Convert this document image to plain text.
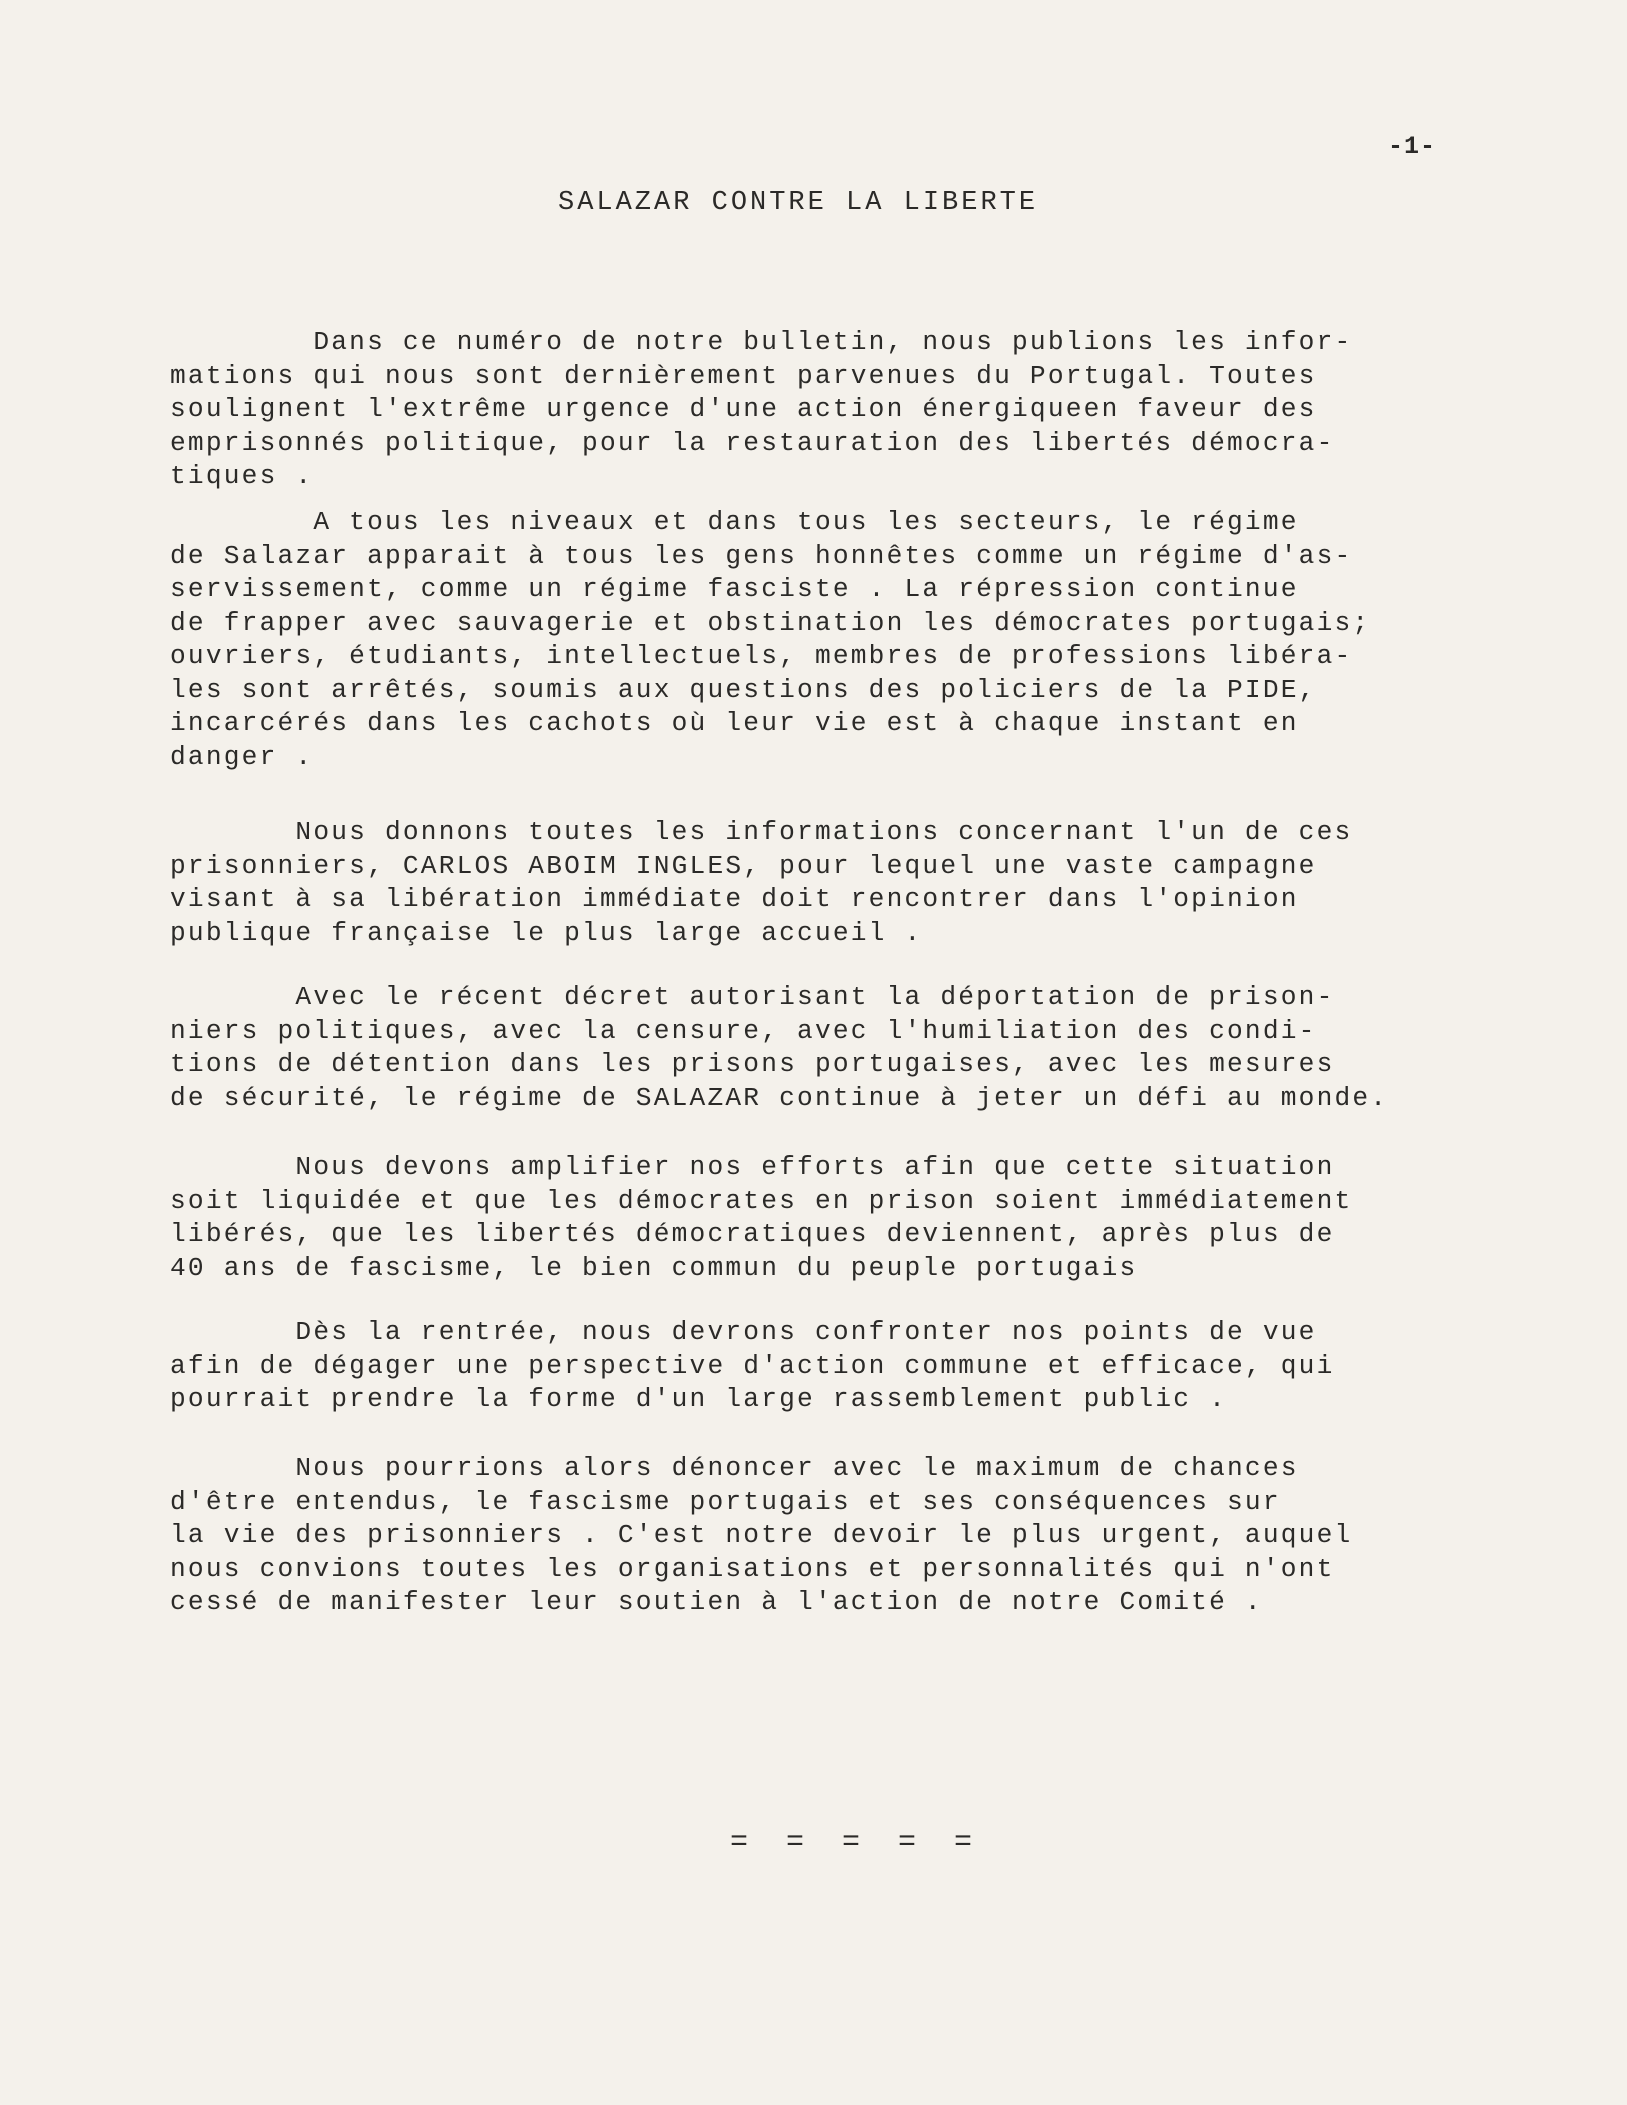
-1-
SALAZAR CONTRE LA LIBERTE

Dans ce numéro de notre bulletin, nous publions les infor-
mations qui nous sont dernièrement parvenues du Portugal. Toutes
soulignent l'extrême urgence d'une action énergiqueen faveur des
emprisonnés politique, pour la restauration des libertés démocra-
tiques .

A tous les niveaux et dans tous les secteurs, le régime
de Salazar apparait à tous les gens honnêtes comme un régime d'as-
servissement, comme un régime fasciste . La répression continue
de frapper avec sauvagerie et obstination les démocrates portugais;
ouvriers, étudiants, intellectuels, membres de professions libéra-
les sont arrêtés, soumis aux questions des policiers de la PIDE,
incarcérés dans les cachots où leur vie est à chaque instant en
danger .

Nous donnons toutes les informations concernant l'un de ces
prisonniers, CARLOS ABOIM INGLES, pour lequel une vaste campagne
visant à sa libération immédiate doit rencontrer dans l'opinion
publique française le plus large accueil .

Avec le récent décret autorisant la déportation de prison-
niers politiques, avec la censure, avec l'humiliation des condi-
tions de détention dans les prisons portugaises, avec les mesures
de sécurité, le régime de SALAZAR continue à jeter un défi au monde.

Nous devons amplifier nos efforts afin que cette situation
soit liquidée et que les démocrates en prison soient immédiatement
libérés, que les libertés démocratiques deviennent, après plus de
40 ans de fascisme, le bien commun du peuple portugais

Dès la rentrée, nous devrons confronter nos points de vue
afin de dégager une perspective d'action commune et efficace, qui
pourrait prendre la forme d'un large rassemblement public .

Nous pourrions alors dénoncer avec le maximum de chances
d'être entendus, le fascisme portugais et ses conséquences sur
la vie des prisonniers . C'est notre devoir le plus urgent, auquel
nous convions toutes les organisations et personnalités qui n'ont
cessé de manifester leur soutien à l'action de notre Comité .

= = = = =
